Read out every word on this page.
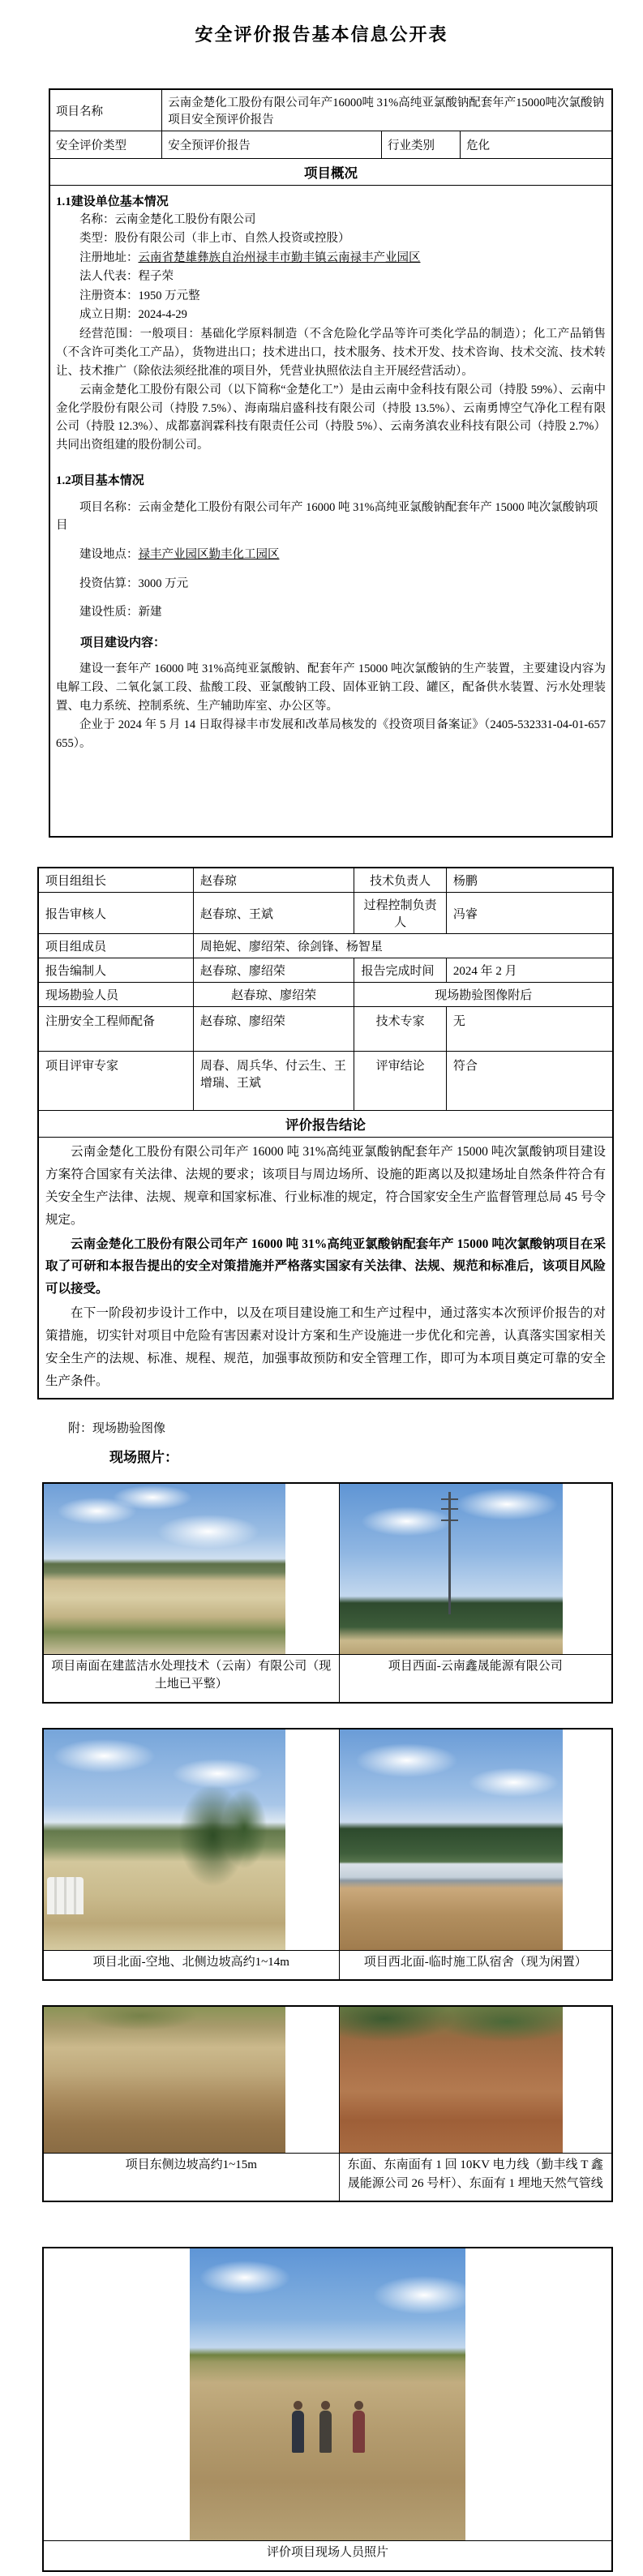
安全评价报告基本信息公开表
项目名称	云南金楚化工股份有限公司年产16000吨 31%高纯亚氯酸钠配套年产15000吨次氯酸钠项目安全预评价报告		
安全评价类型	安全预评价报告	行业类别	危化
项目概况			

1.1建设单位基本情况
名称：云南金楚化工股份有限公司
类型：股份有限公司（非上市、自然人投资或控股）
注册地址：云南省楚雄彝族自治州禄丰市勤丰镇云南禄丰产业园区
法人代表：程子荣
注册资本：1950 万元整
成立日期：2024-4-29
经营范围：一般项目：基础化学原料制造（不含危险化学品等许可类化学品的制造）；化工产品销售（不含许可类化工产品），货物进出口；技术进出口，技术服务、技术开发、技术咨询、技术交流、技术转让、技术推广（除依法须经批准的项目外，凭营业执照依法自主开展经营活动）。
云南金楚化工股份有限公司（以下简称“金楚化工”）是由云南中金科技有限公司（持股 59%）、云南中金化学股份有限公司（持股 7.5%）、海南瑞启盛科技有限公司（持股 13.5%）、云南勇博空气净化工程有限公司（持股 12.3%）、成都嘉润霖科技有限责任公司（持股 5%）、云南务滇农业科技有限公司（持股 2.7%）共同出资组建的股份制公司。
1.2项目基本情况
项目名称：云南金楚化工股份有限公司年产 16000 吨 31%高纯亚氯酸钠配套年产 15000 吨次氯酸钠项目
建设地点：禄丰产业园区勤丰化工园区
投资估算：3000 万元
建设性质：新建
项目建设内容：
建设一套年产 16000 吨 31%高纯亚氯酸钠、配套年产 15000 吨次氯酸钠的生产装置，主要建设内容为电解工段、二氧化氯工段、盐酸工段、亚氯酸钠工段、固体亚钠工段、罐区，配备供水装置、污水处理装置、电力系统、控制系统、生产辅助库室、办公区等。
企业于 2024 年 5 月 14 日取得禄丰市发展和改革局核发的《投资项目备案证》（2405-532331-04-01-657655）。
项目组组长	赵春琼	技术负责人	杨鹏
报告审核人	赵春琼、王斌	过程控制负责人	冯睿
项目组成员	周艳妮、廖绍荣、徐剑锋、杨智星		
报告编制人	赵春琼、廖绍荣	报告完成时间	2024 年 2 月
现场勘验人员	赵春琼、廖绍荣	现场勘验图像附后	
注册安全工程师配备	赵春琼、廖绍荣	技术专家	无
项目评审专家	周春、周兵华、付云生、王增瑞、王斌	评审结论	符合
评价报告结论			

云南金楚化工股份有限公司年产 16000 吨 31%高纯亚氯酸钠配套年产 15000 吨次氯酸钠项目建设方案符合国家有关法律、法规的要求；该项目与周边场所、设施的距离以及拟建场址自然条件符合有关安全生产法律、法规、规章和国家标准、行业标准的规定，符合国家安全生产监督管理总局 45 号令规定。

云南金楚化工股份有限公司年产 16000 吨 31%高纯亚氯酸钠配套年产 15000 吨次氯酸钠项目在采取了可研和本报告提出的安全对策措施并严格落实国家有关法律、法规、规范和标准后，该项目风险可以接受。

在下一阶段初步设计工作中，以及在项目建设施工和生产过程中，通过落实本次预评价报告的对策措施，切实针对项目中危险有害因素对设计方案和生产设施进一步优化和完善，认真落实国家相关安全生产的法规、标准、规程、规范，加强事故预防和安全管理工作，即可为本项目奠定可靠的安全生产条件。			

附：现场勘验图像
现场照片：

项目南面在建蓝洁水处理技术（云南）有限公司（现土地已平整）	项目西面-云南鑫晟能源有限公司

项目北面-空地、北侧边坡高约1~14m	项目西北面-临时施工队宿舍（现为闲置）

项目东侧边坡高约1~15m	东面、东南面有 1 回 10KV 电力线（勤丰线 T 鑫晟能源公司 26 号杆）、东面有 1 埋地天然气管线

评价项目现场人员照片
